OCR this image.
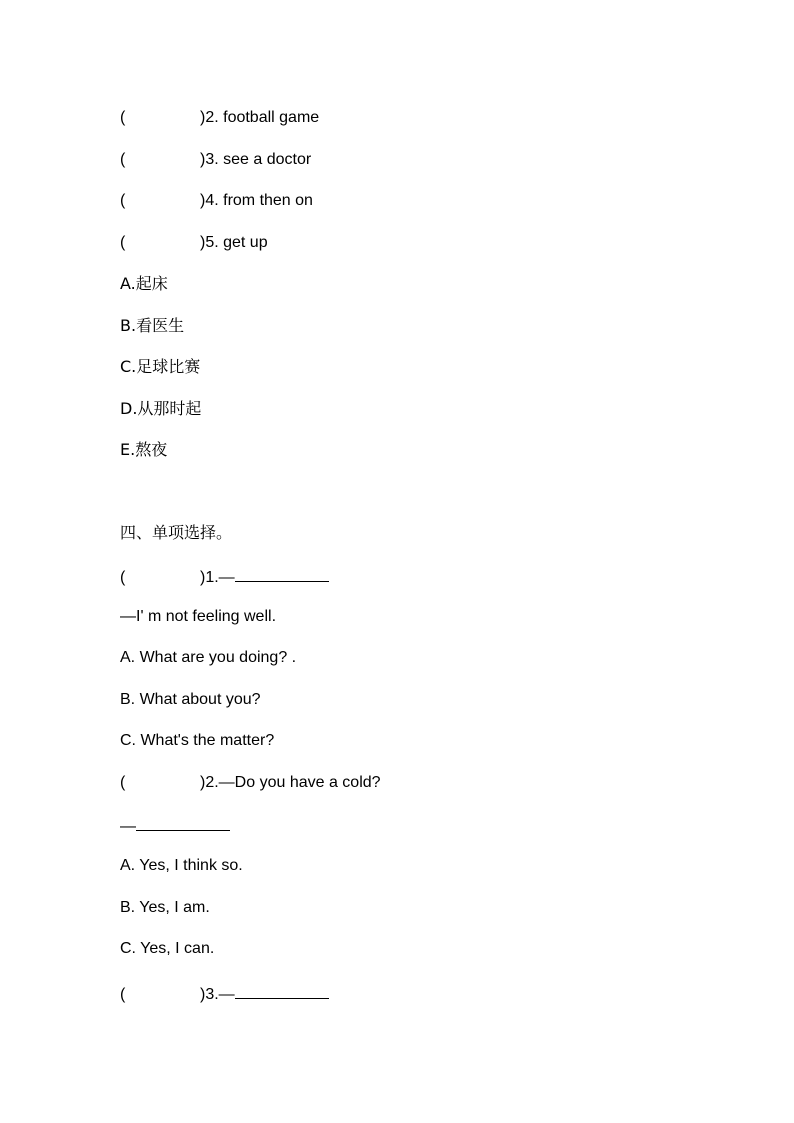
(	)2. football game
(	)3. see a doctor
(	)4. from then on
(	)5. get up
A.起床
B.看医生
C.足球比赛
D.从那时起
E.熬夜
四、单项选择。
(	)1.—
—I' m not feeling well.
A. What are you doing? .
B. What about you?
C. What's the matter?
(	)2.—Do you have a cold?
—
A. Yes, I think so.
B. Yes, I am.
C. Yes, I can.
(	)3.—
